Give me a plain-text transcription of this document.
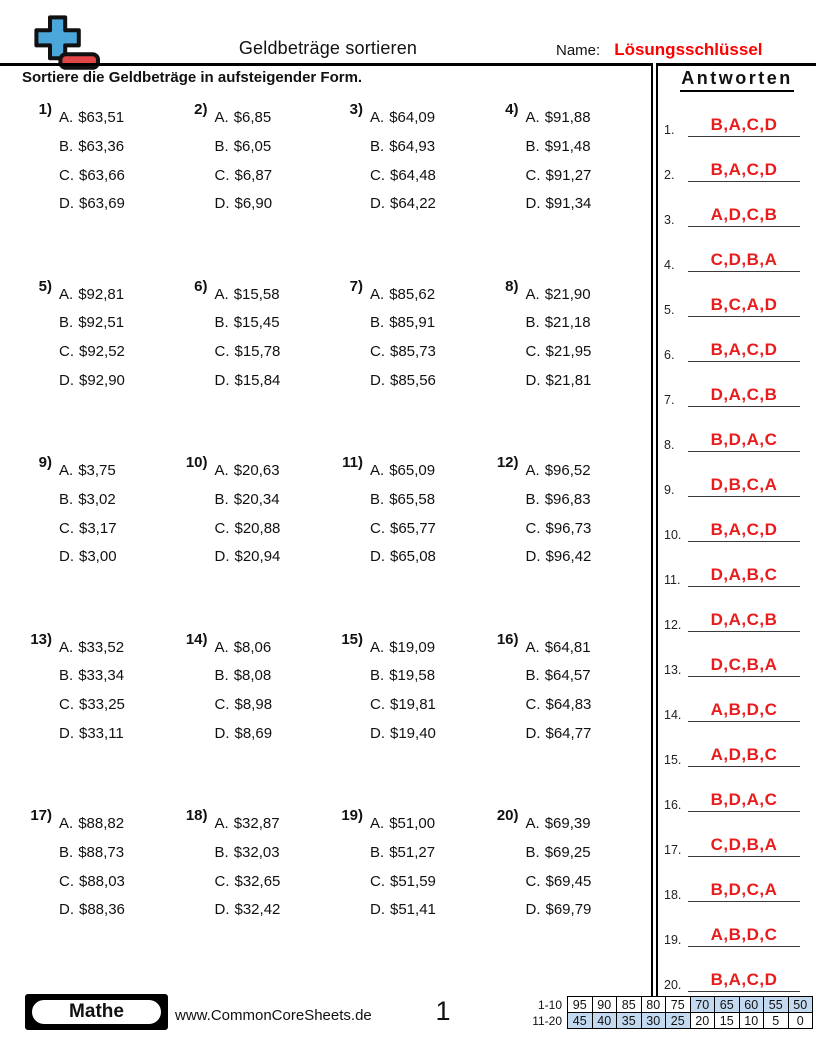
Geldbeträge sortieren	Name: Lösungsschlüssel
Sortiere die Geldbeträge in aufsteigender Form.
1) A. $63,51
B. $63,36
C. $63,66
D. $63,69
2) A. $6,85
B. $6,05
C. $6,87
D. $6,90
3) A. $64,09
B. $64,93
C. $64,48
D. $64,22
4) A. $91,88
B. $91,48
C. $91,27
D. $91,34
5) A. $92,81
B. $92,51
C. $92,52
D. $92,90
6) A. $15,58
B. $15,45
C. $15,78
D. $15,84
7) A. $85,62
B. $85,91
C. $85,73
D. $85,56
8) A. $21,90
B. $21,18
C. $21,95
D. $21,81
9) A. $3,75
B. $3,02
C. $3,17
D. $3,00
10) A. $20,63
B. $20,34
C. $20,88
D. $20,94
11) A. $65,09
B. $65,58
C. $65,77
D. $65,08
12) A. $96,52
B. $96,83
C. $96,73
D. $96,42
13) A. $33,52
B. $33,34
C. $33,25
D. $33,11
14) A. $8,06
B. $8,08
C. $8,98
D. $8,69
15) A. $19,09
B. $19,58
C. $19,81
D. $19,40
16) A. $64,81
B. $64,57
C. $64,83
D. $64,77
17) A. $88,82
B. $88,73
C. $88,03
D. $88,36
18) A. $32,87
B. $32,03
C. $32,65
D. $32,42
19) A. $51,00
B. $51,27
C. $51,59
D. $51,41
20) A. $69,39
B. $69,25
C. $69,45
D. $69,79
Antworten
1.	B,A,C,D
2.	B,A,C,D
3.	A,D,C,B
4.	C,D,B,A
5.	B,C,A,D
6.	B,A,C,D
7.	D,A,C,B
8.	B,D,A,C
9.	D,B,C,A
10.	B,A,C,D
11.	D,A,B,C
12.	D,A,C,B
13.	D,C,B,A
14.	A,B,D,C
15.	A,D,B,C
16.	B,D,A,C
17.	C,D,B,A
18.	B,D,C,A
19.	A,B,D,C
20.	B,A,C,D
Mathe	www.CommonCoreSheets.de	1	1-10	95	90	85	80	75	70	65	60	55	50
11-20	45	40	35	30	25	20	15	10	5	0
